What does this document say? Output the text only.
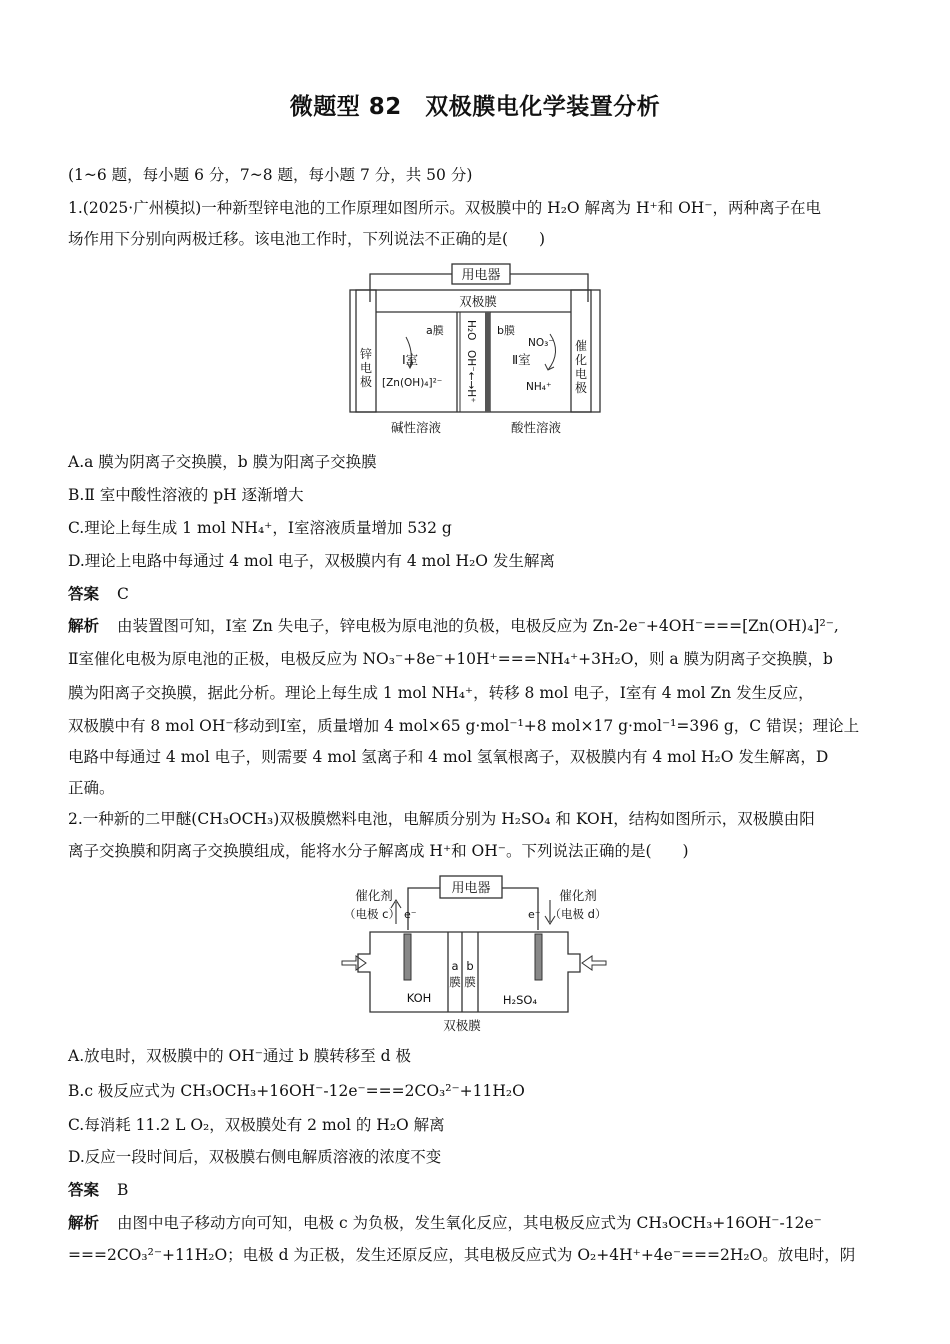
微题型 82　双极膜电化学装置分析
(1~6 题，每小题 6 分，7~8 题，每小题 7 分，共 50 分)
1.(2025·广州模拟)一种新型锌电池的工作原理如图所示。双极膜中的 H₂O 解离为 H⁺和 OH⁻，两种离子在电
场作用下分别向两极迁移。该电池工作时，下列说法不正确的是(　　)
用电器
双极膜
a膜	b膜
锌
电
极
催
化
电
极
Ⅰ室	Ⅱ室
[Zn(OH)₄]²⁻
NO₃⁻
NH₄⁺
H₂O
OH⁻←→H⁺
碱性溶液	酸性溶液
A.a 膜为阴离子交换膜，b 膜为阳离子交换膜
B.Ⅱ 室中酸性溶液的 pH 逐渐增大
C.理论上每生成 1 mol NH₄⁺，Ⅰ室溶液质量增加 532 g
D.理论上电路中每通过 4 mol 电子，双极膜内有 4 mol H₂O 发生解离
答案 C
解析 由装置图可知，Ⅰ室 Zn 失电子，锌电极为原电池的负极，电极反应为 Zn-2e⁻+4OH⁻===[Zn(OH)₄]²⁻,
Ⅱ室催化电极为原电池的正极，电极反应为 NO₃⁻+8e⁻+10H⁺===NH₄⁺+3H₂O，则 a 膜为阴离子交换膜，b
膜为阳离子交换膜，据此分析。理论上每生成 1 mol NH₄⁺，转移 8 mol 电子，Ⅰ室有 4 mol Zn 发生反应，
双极膜中有 8 mol OH⁻移动到Ⅰ室，质量增加 4 mol×65 g·mol⁻¹+8 mol×17 g·mol⁻¹=396 g，C 错误；理论上
电路中每通过 4 mol 电子，则需要 4 mol 氢离子和 4 mol 氢氧根离子，双极膜内有 4 mol H₂O 发生解离，D
正确。
2.一种新的二甲醚(CH₃OCH₃)双极膜燃料电池，电解质分别为 H₂SO₄ 和 KOH，结构如图所示，双极膜由阳
离子交换膜和阴离子交换膜组成，能将水分子解离成 H⁺和 OH⁻。下列说法正确的是(　　)
用电器
催化剂
（电极 c）
催化剂
（电极 d）
e⁻	e⁻
a
膜
b
膜
KOH	H₂SO₄
双极膜
A.放电时，双极膜中的 OH⁻通过 b 膜转移至 d 极
B.c 极反应式为 CH₃OCH₃+16OH⁻-12e⁻===2CO₃²⁻+11H₂O
C.每消耗 11.2 L O₂，双极膜处有 2 mol 的 H₂O 解离
D.反应一段时间后，双极膜右侧电解质溶液的浓度不变
答案 B
解析 由图中电子移动方向可知，电极 c 为负极，发生氧化反应，其电极反应式为 CH₃OCH₃+16OH⁻-12e⁻
===2CO₃²⁻+11H₂O；电极 d 为正极，发生还原反应，其电极反应式为 O₂+4H⁺+4e⁻===2H₂O。放电时，阴
